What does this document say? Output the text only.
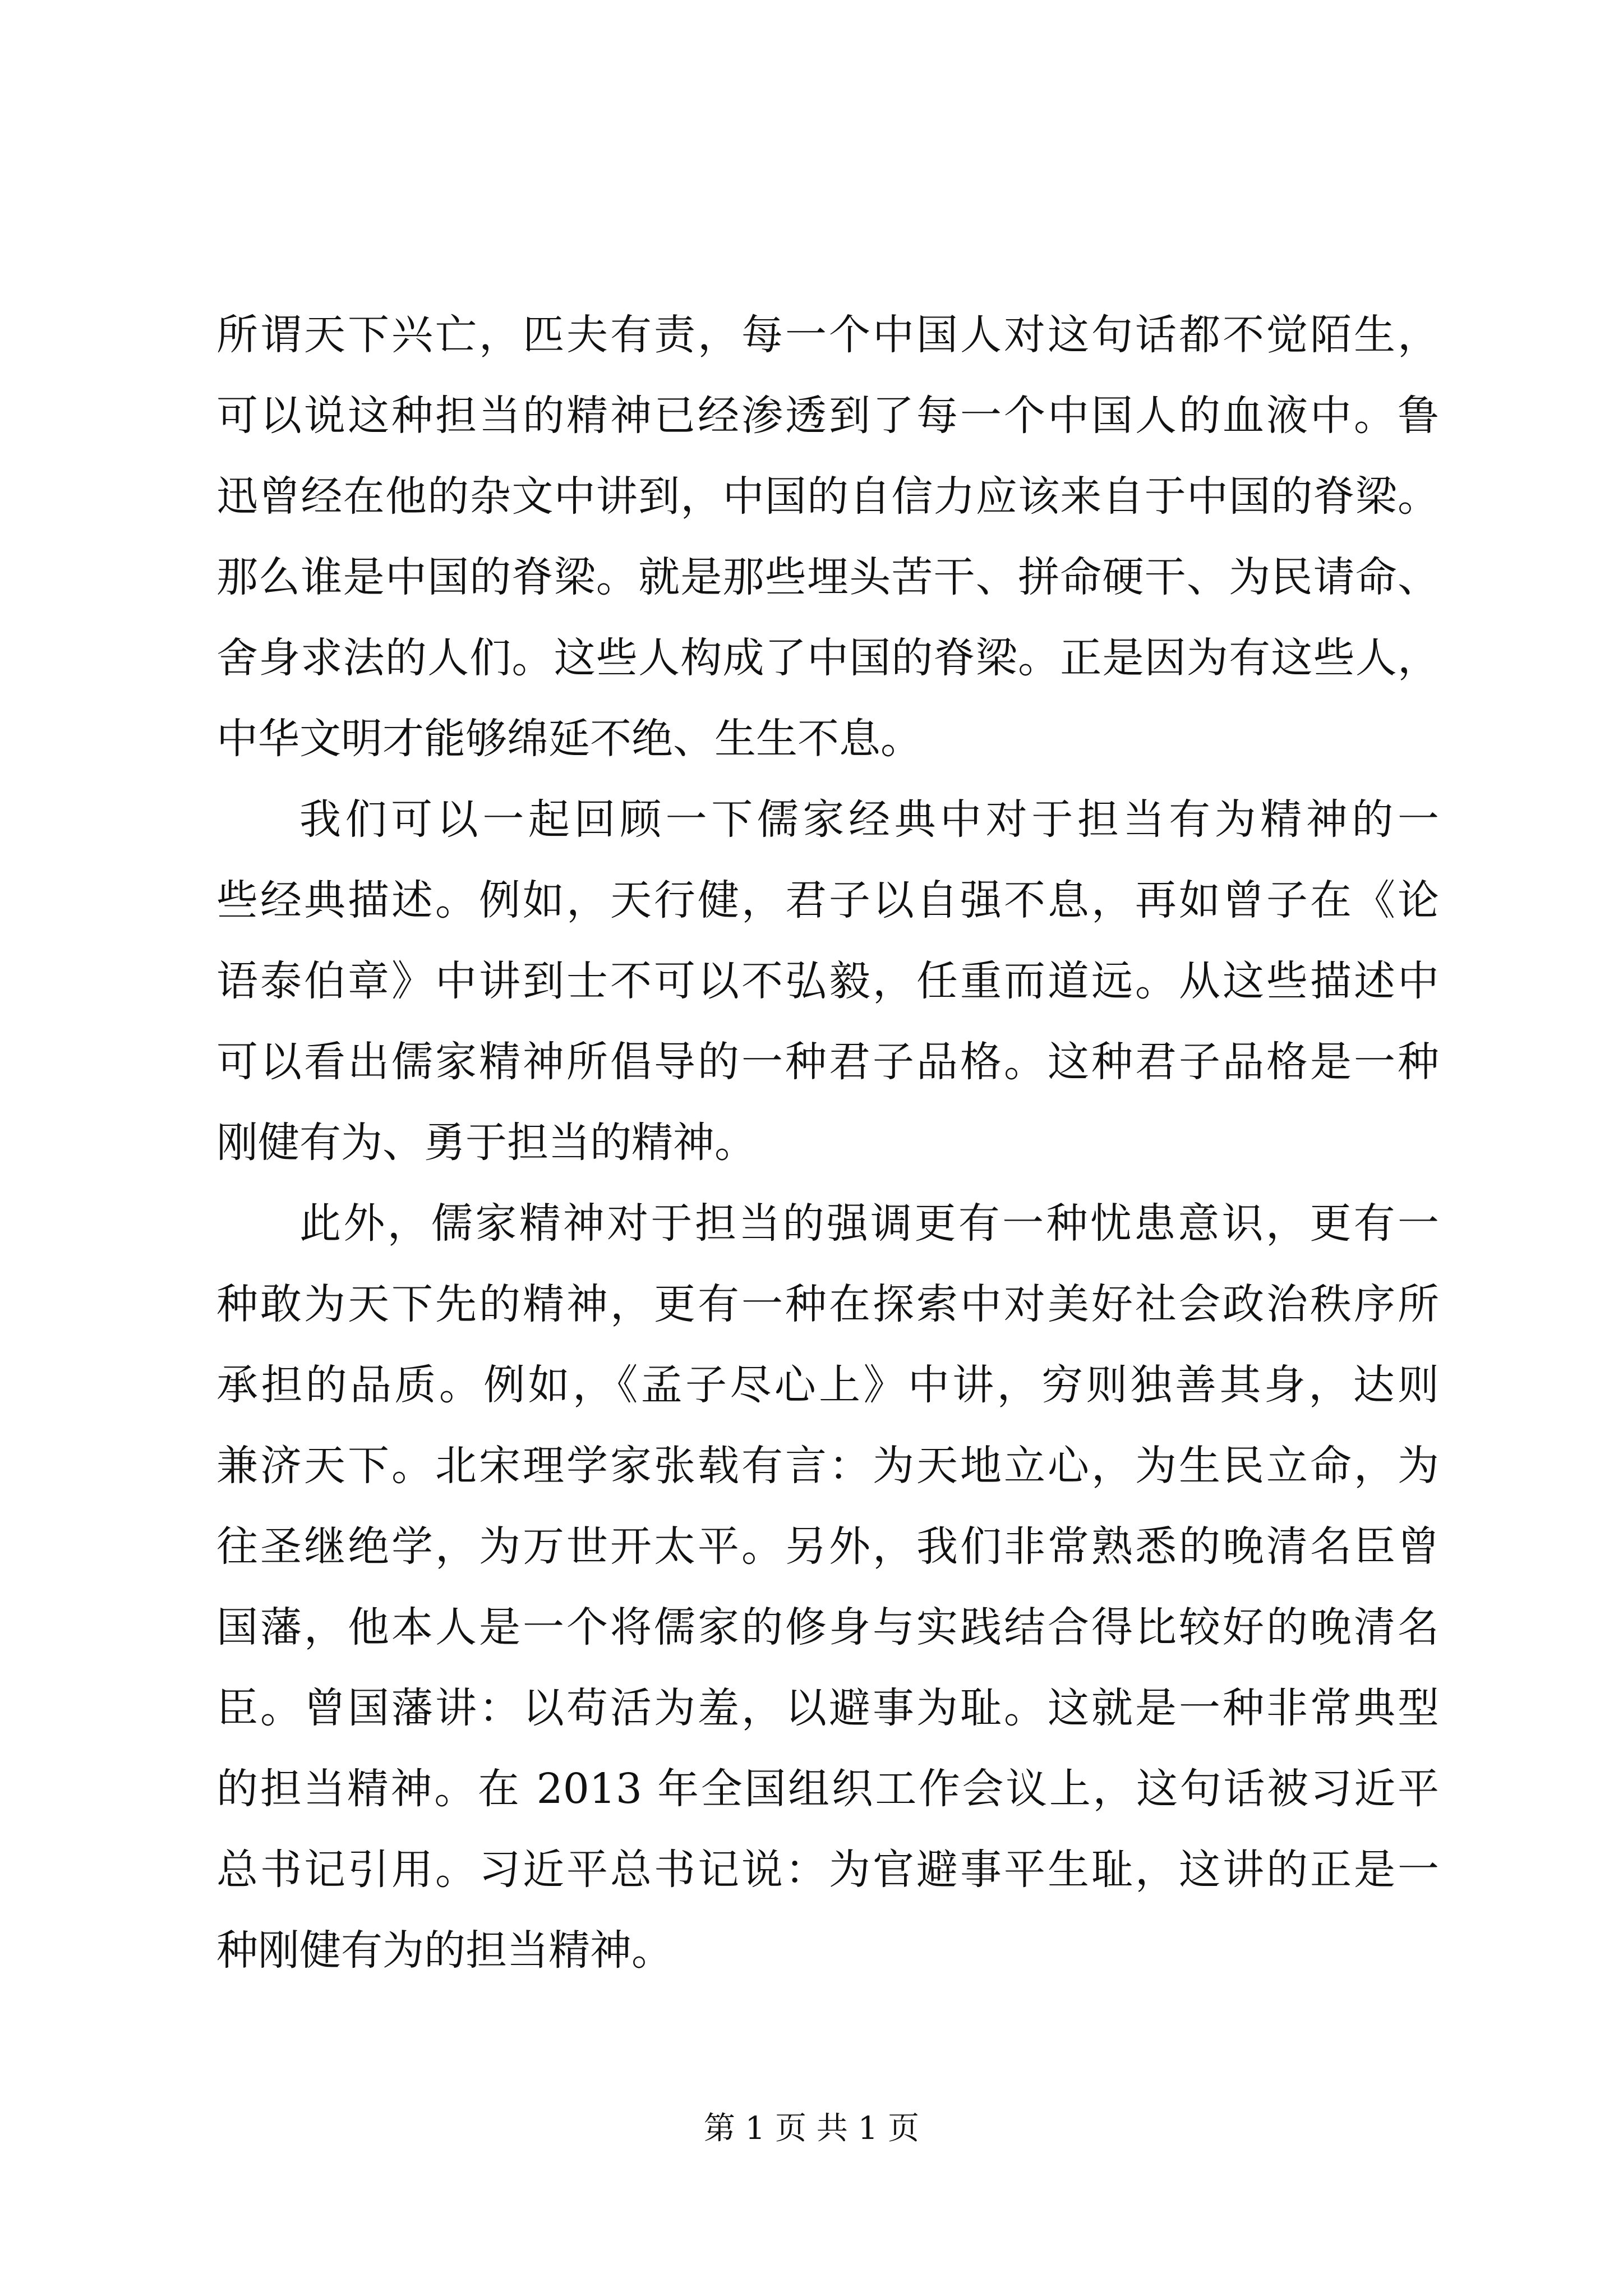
所谓天下兴亡，匹夫有责，每一个中国人对这句话都不觉陌生，
可以说这种担当的精神已经渗透到了每一个中国人的血液中。鲁
迅曾经在他的杂文中讲到，中国的自信力应该来自于中国的脊梁。
那么谁是中国的脊梁。就是那些埋头苦干、拼命硬干、为民请命、
舍身求法的人们。这些人构成了中国的脊梁。正是因为有这些人，
中华文明才能够绵延不绝、生生不息。
我们可以一起回顾一下儒家经典中对于担当有为精神的一
些经典描述。例如，天行健，君子以自强不息，再如曾子在《论
语泰伯章》中讲到士不可以不弘毅，任重而道远。从这些描述中
可以看出儒家精神所倡导的一种君子品格。这种君子品格是一种
刚健有为、勇于担当的精神。
此外，儒家精神对于担当的强调更有一种忧患意识，更有一
种敢为天下先的精神，更有一种在探索中对美好社会政治秩序所
承担的品质。例如，《孟子尽心上》中讲，穷则独善其身，达则
兼济天下。北宋理学家张载有言：为天地立心，为生民立命，为
往圣继绝学，为万世开太平。另外，我们非常熟悉的晚清名臣曾
国藩，他本人是一个将儒家的修身与实践结合得比较好的晚清名
臣。曾国藩讲：以苟活为羞，以避事为耻。这就是一种非常典型
的担当精神。在 2013 年全国组织工作会议上，这句话被习近平
总书记引用。习近平总书记说：为官避事平生耻，这讲的正是一
种刚健有为的担当精神。
第 1 页 共 1 页
